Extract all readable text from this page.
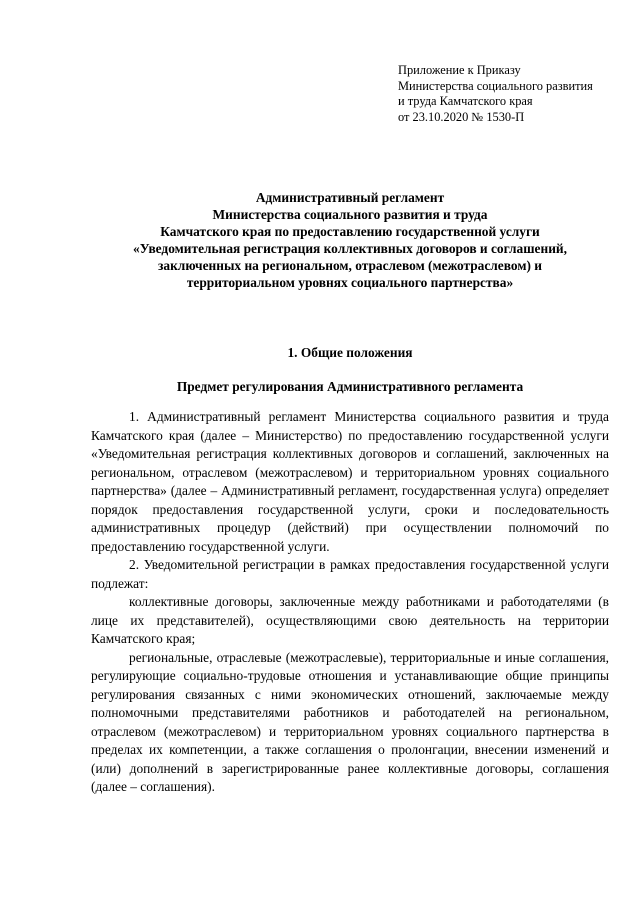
Приложение к Приказу
Министерства социального развития
и труда Камчатского края
от 23.10.2020 № 1530-П
Административный регламент
Министерства социального развития и труда
Камчатского края по предоставлению государственной услуги
«Уведомительная регистрация коллективных договоров и соглашений,
заключенных на региональном, отраслевом (межотраслевом) и
территориальном уровнях социального партнерства»
1. Общие положения
Предмет регулирования Административного регламента

1. Административный регламент Министерства социального развития и труда Камчатского края (далее – Министерство) по предоставлению государственной услуги «Уведомительная регистрация коллективных договоров и соглашений, заключенных на региональном, отраслевом (межотраслевом) и территориальном уровнях социального партнерства» (далее – Административный регламент, государственная услуга) определяет порядок предоставления государственной услуги, сроки и последовательность административных процедур (действий) при осуществлении полномочий по предоставлению государственной услуги.

2. Уведомительной регистрации в рамках предоставления государственной услуги подлежат:

коллективные договоры, заключенные между работниками и работодателями (в лице их представителей), осуществляющими свою деятельность на территории Камчатского края;

региональные, отраслевые (межотраслевые), территориальные и иные соглашения, регулирующие социально-трудовые отношения и устанавливающие общие принципы регулирования связанных с ними экономических отношений, заключаемые между полномочными представителями работников и работодателей на региональном, отраслевом (межотраслевом) и территориальном уровнях социального партнерства в пределах их компетенции, а также соглашения о пролонгации, внесении изменений и (или) дополнений в зарегистрированные ранее коллективные договоры, соглашения (далее – соглашения).
